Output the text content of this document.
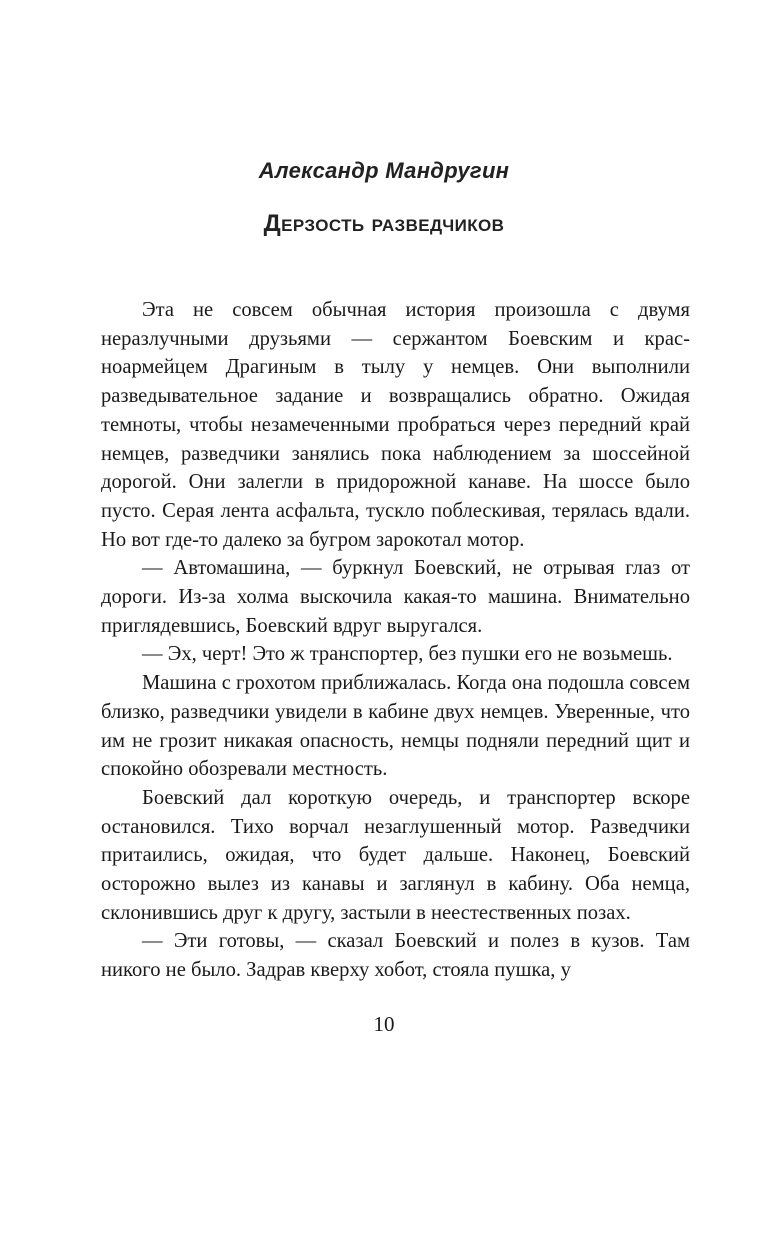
Александр Мандругин
Дерзость разведчиков

Эта не совсем обычная история произошла с двумя неразлучными друзьями — сержантом Боевским и красноармейцем Драгиным в тылу у немцев. Они выполнили разведывательное задание и возвращались обратно. Ожидая темноты, чтобы незамеченными пробраться через передний край немцев, разведчики занялись пока наблюдением за шоссейной дорогой. Они залегли в придорожной канаве. На шоссе было пусто. Серая лента асфальта, тускло поблескивая, терялась вдали. Но вот где-то далеко за бугром зарокотал мотор.

— Автомашина, — буркнул Боевский, не отрывая глаз от дороги. Из-за холма выскочила какая-то машина. Внимательно приглядевшись, Боевский вдруг выругался.

— Эх, черт! Это ж транспортер, без пушки его не возьмешь.

Машина с грохотом приближалась. Когда она подошла совсем близко, разведчики увидели в кабине двух немцев. Уверенные, что им не грозит никакая опасность, немцы подняли передний щит и спокойно обозревали местность.

Боевский дал короткую очередь, и транспортер вскоре остановился. Тихо ворчал незаглушенный мотор. Разведчики притаились, ожидая, что будет дальше. Наконец, Боевский осторожно вылез из канавы и заглянул в кабину. Оба немца, склонившись друг к другу, застыли в неестественных позах.

— Эти готовы, — сказал Боевский и полез в кузов. Там никого не было. Задрав кверху хобот, стояла пушка, у

10
